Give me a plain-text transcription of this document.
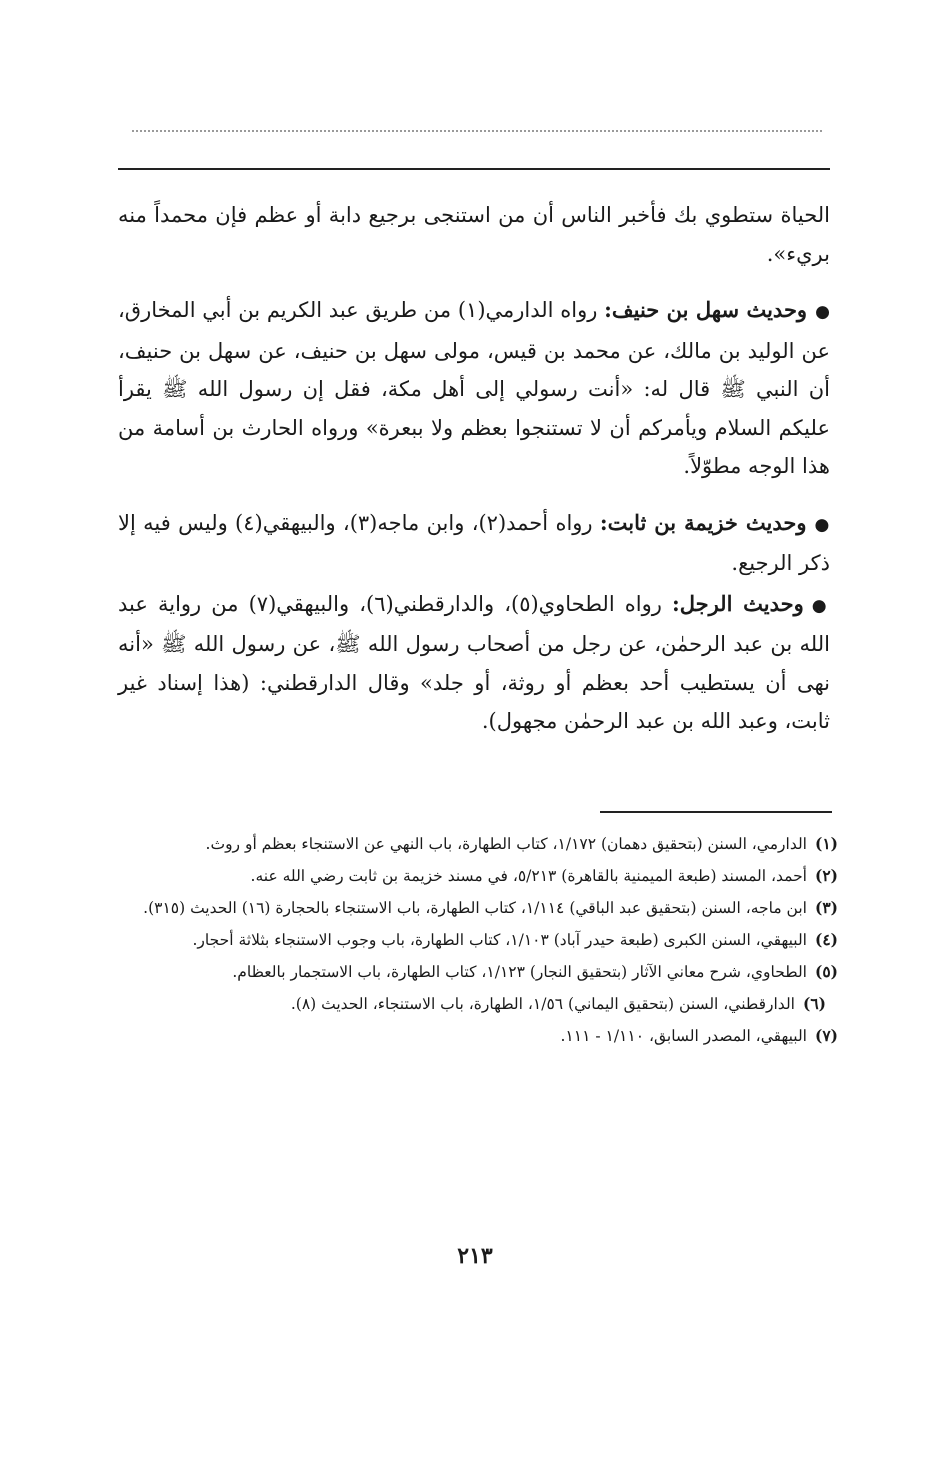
الحياة ستطوي بك فأخبر الناس أن من استنجى برجيع دابة أو عظم فإن محمداً منه بريء».

● وحديث سهل بن حنيف: رواه الدارمي(١) من طريق عبد الكريم بن أبي المخارق، عن الوليد بن مالك، عن محمد بن قيس، مولى سهل بن حنيف، عن سهل بن حنيف، أن النبي ﷺ قال له: «أنت رسولي إلى أهل مكة، فقل إن رسول الله ﷺ يقرأ عليكم السلام ويأمركم أن لا تستنجوا بعظم ولا ببعرة» ورواه الحارث بن أسامة من هذا الوجه مطوّلاً.

● وحديث خزيمة بن ثابت: رواه أحمد(٢)، وابن ماجه(٣)، والبيهقي(٤) وليس فيه إلا ذكر الرجيع.

● وحديث الرجل: رواه الطحاوي(٥)، والدارقطني(٦)، والبيهقي(٧) من رواية عبد الله بن عبد الرحمٰن، عن رجل من أصحاب رسول الله ﷺ، عن رسول الله ﷺ «أنه نهى أن يستطيب أحد بعظم أو روثة، أو جلد» وقال الدارقطني: (هذا إسناد غير ثابت، وعبد الله بن عبد الرحمٰن مجهول).

(١)
الدارمي، السنن (بتحقيق دهمان) ١/١٧٢، كتاب الطهارة، باب النهي عن الاستنجاء بعظم أو روث.
(٢)
أحمد، المسند (طبعة الميمنية بالقاهرة) ٥/٢١٣، في مسند خزيمة بن ثابت رضي الله عنه.
(٣)
ابن ماجه، السنن (بتحقيق عبد الباقي) ١/١١٤، كتاب الطهارة، باب الاستنجاء بالحجارة (١٦) الحديث (٣١٥).
(٤)
البيهقي، السنن الكبرى (طبعة حيدر آباد) ١/١٠٣، كتاب الطهارة، باب وجوب الاستنجاء بثلاثة أحجار.
(٥)
الطحاوي، شرح معاني الآثار (بتحقيق النجار) ١/١٢٣، كتاب الطهارة، باب الاستجمار بالعظام.
(٦)
الدارقطني، السنن (بتحقيق اليماني) ١/٥٦، الطهارة، باب الاستنجاء، الحديث (٨).
(٧)
البيهقي، المصدر السابق، ١/١١٠ - ١١١.
٢١٣
